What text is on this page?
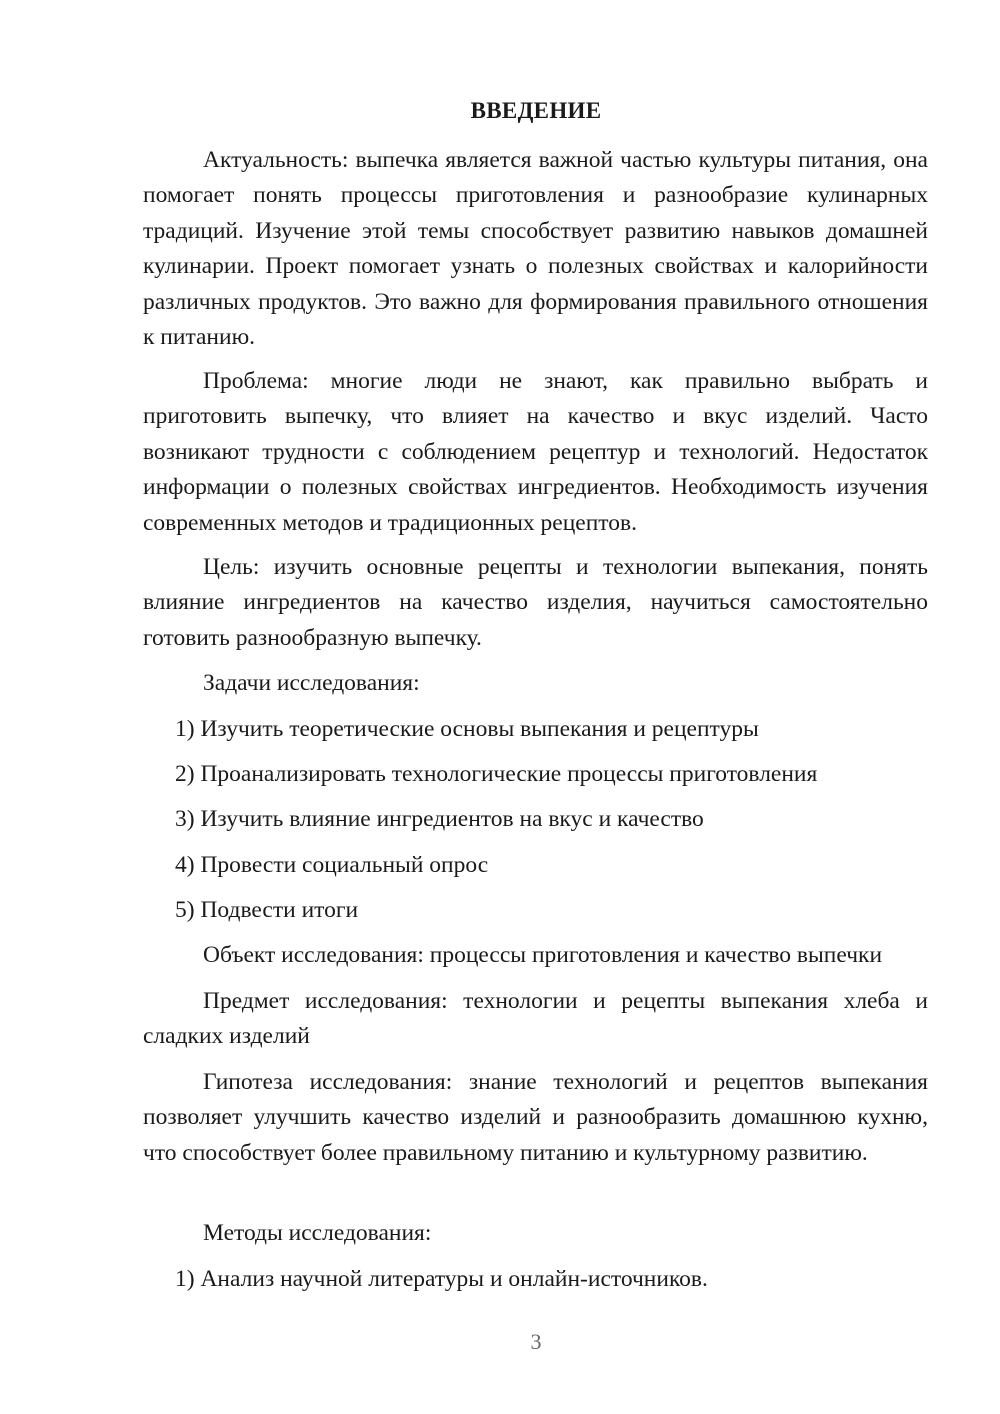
ВВЕДЕНИЕ

Актуальность: выпечка является важной частью культуры питания, она помогает понять процессы приготовления и разнообразие кулинарных традиций. Изучение этой темы способствует развитию навыков домашней кулинарии. Проект помогает узнать о полезных свойствах и калорийности различных продуктов. Это важно для формирования правильного отношения к питанию.

Проблема: многие люди не знают, как правильно выбрать и приготовить выпечку, что влияет на качество и вкус изделий. Часто возникают трудности с соблюдением рецептур и технологий. Недостаток информации о полезных свойствах ингредиентов. Необходимость изучения современных методов и традиционных рецептов.

Цель: изучить основные рецепты и технологии выпекания, понять влияние ингредиентов на качество изделия, научиться самостоятельно готовить разнообразную выпечку.

Задачи исследования:

1) Изучить теоретические основы выпекания и рецептуры

2) Проанализировать технологические процессы приготовления

3) Изучить влияние ингредиентов на вкус и качество

4) Провести социальный опрос

5) Подвести итоги

Объект исследования: процессы приготовления и качество выпечки

Предмет исследования: технологии и рецепты выпекания хлеба и сладких изделий

Гипотеза исследования: знание технологий и рецептов выпекания позволяет улучшить качество изделий и разнообразить домашнюю кухню, что способствует более правильному питанию и культурному развитию.

Методы исследования:

1) Анализ научной литературы и онлайн-источников.

3
